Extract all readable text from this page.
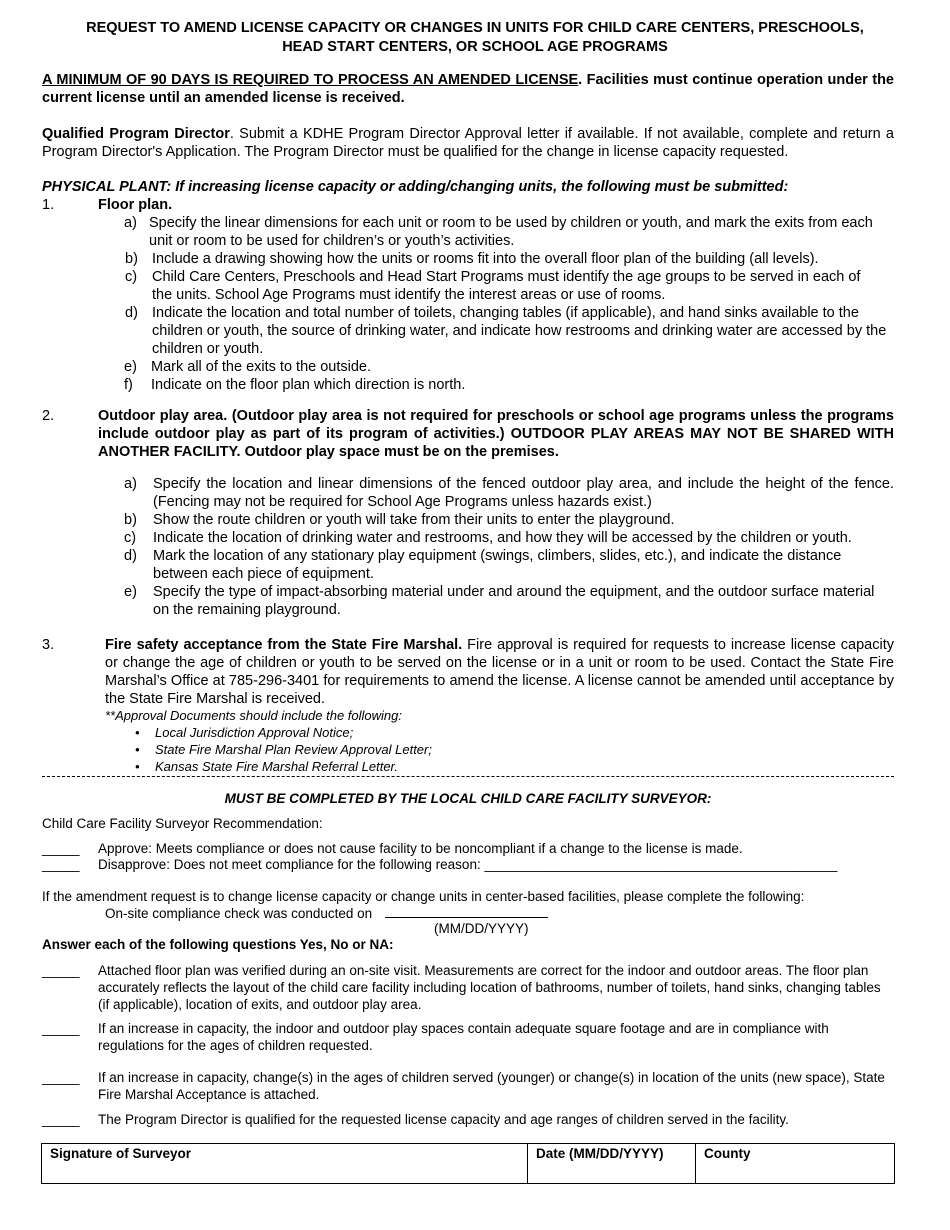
REQUEST TO AMEND LICENSE CAPACITY OR CHANGES IN UNITS FOR CHILD CARE CENTERS, PRESCHOOLS,
HEAD START CENTERS, OR SCHOOL AGE PROGRAMS
A MINIMUM OF 90 DAYS IS REQUIRED TO PROCESS AN AMENDED LICENSE. Facilities must continue operation under the current license until an amended license is received.
Qualified Program Director. Submit a KDHE Program Director Approval letter if available. If not available, complete and return a Program Director's Application. The Program Director must be qualified for the change in license capacity requested.
PHYSICAL PLANT: If increasing license capacity or adding/changing units, the following must be submitted:
1.	Floor plan.
a) Specify the linear dimensions for each unit or room to be used by children or youth, and mark the exits from each unit or room to be used for children’s or youth’s activities.
b) Include a drawing showing how the units or rooms fit into the overall floor plan of the building (all levels).
c) Child Care Centers, Preschools and Head Start Programs must identify the age groups to be served in each of the units. School Age Programs must identify the interest areas or use of rooms.
d) Indicate the location and total number of toilets, changing tables (if applicable), and hand sinks available to the children or youth, the source of drinking water, and indicate how restrooms and drinking water are accessed by the children or youth.
e) Mark all of the exits to the outside.
f) Indicate on the floor plan which direction is north.
2.	Outdoor play area. (Outdoor play area is not required for preschools or school age programs unless the programs include outdoor play as part of its program of activities.) OUTDOOR PLAY AREAS MAY NOT BE SHARED WITH ANOTHER FACILITY. Outdoor play space must be on the premises.
a) Specify the location and linear dimensions of the fenced outdoor play area, and include the height of the fence. (Fencing may not be required for School Age Programs unless hazards exist.)
b) Show the route children or youth will take from their units to enter the playground.
c) Indicate the location of drinking water and restrooms, and how they will be accessed by the children or youth.
d) Mark the location of any stationary play equipment (swings, climbers, slides, etc.), and indicate the distance between each piece of equipment.
e) Specify the type of impact-absorbing material under and around the equipment, and the outdoor surface material on the remaining playground.
3.	Fire safety acceptance from the State Fire Marshal. Fire approval is required for requests to increase license capacity or change the age of children or youth to be served on the license or in a unit or room to be used. Contact the State Fire Marshal’s Office at 785-296-3401 for requirements to amend the license. A license cannot be amended until acceptance by the State Fire Marshal is received.
**Approval Documents should include the following:
• Local Jurisdiction Approval Notice;
• State Fire Marshal Plan Review Approval Letter;
• Kansas State Fire Marshal Referral Letter.
MUST BE COMPLETED BY THE LOCAL CHILD CARE FACILITY SURVEYOR:
Child Care Facility Surveyor Recommendation:
_____ Approve: Meets compliance or does not cause facility to be noncompliant if a change to the license is made.
_____ Disapprove: Does not meet compliance for the following reason: _______________________________________________
If the amendment request is to change license capacity or change units in center-based facilities, please complete the following:
On-site compliance check was conducted on
(MM/DD/YYYY)
Answer each of the following questions Yes, No or NA:
_____ Attached floor plan was verified during an on-site visit. Measurements are correct for the indoor and outdoor areas. The floor plan accurately reflects the layout of the child care facility including location of bathrooms, number of toilets, hand sinks, changing tables (if applicable), location of exits, and outdoor play area.
_____ If an increase in capacity, the indoor and outdoor play spaces contain adequate square footage and are in compliance with regulations for the ages of children requested.
_____ If an increase in capacity, change(s) in the ages of children served (younger) or change(s) in location of the units (new space), State Fire Marshal Acceptance is attached.
_____ The Program Director is qualified for the requested license capacity and age ranges of children served in the facility.
Signature of Surveyor	Date (MM/DD/YYYY)	County
